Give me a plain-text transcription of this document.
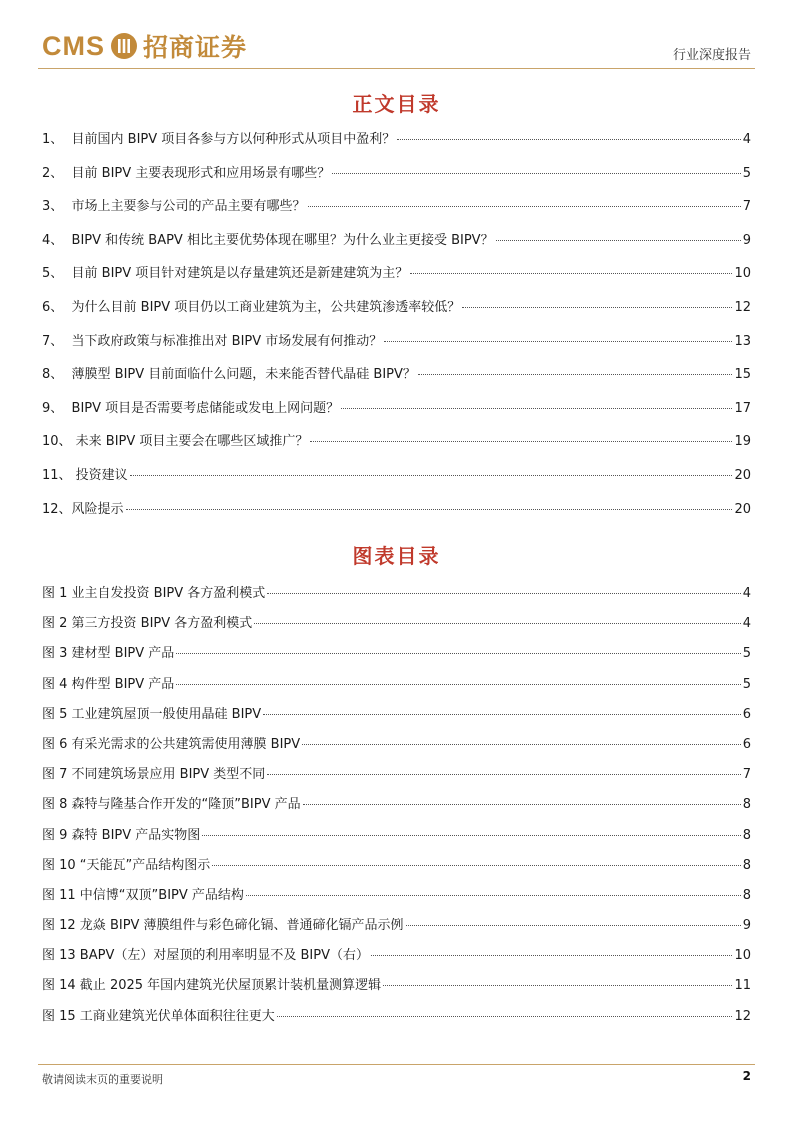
CMS 招商证券	行业深度报告
正文目录
1、  目前国内 BIPV 项目各参与方以何种形式从项目中盈利？	4
2、  目前 BIPV 主要表现形式和应用场景有哪些？	5
3、  市场上主要参与公司的产品主要有哪些？	7
4、  BIPV 和传统 BAPV 相比主要优势体现在哪里？为什么业主更接受 BIPV？	9
5、  目前 BIPV 项目针对建筑是以存量建筑还是新建建筑为主？	10
6、  为什么目前 BIPV 项目仍以工商业建筑为主，公共建筑渗透率较低？	12
7、  当下政府政策与标准推出对 BIPV 市场发展有何推动？	13
8、  薄膜型 BIPV 目前面临什么问题，未来能否替代晶硅 BIPV？	15
9、  BIPV 项目是否需要考虑储能或发电上网问题？	17
10、 未来 BIPV 项目主要会在哪些区域推广？	19
11、 投资建议	20
12、风险提示	20
图表目录
图 1 业主自发投资 BIPV 各方盈利模式	4
图 2 第三方投资 BIPV 各方盈利模式	4
图 3 建材型 BIPV 产品	5
图 4 构件型 BIPV 产品	5
图 5 工业建筑屋顶一般使用晶硅 BIPV	6
图 6 有采光需求的公共建筑需使用薄膜 BIPV	6
图 7 不同建筑场景应用 BIPV 类型不同	7
图 8 森特与隆基合作开发的“隆顶”BIPV 产品	8
图 9 森特 BIPV 产品实物图	8
图 10 “天能瓦”产品结构图示	8
图 11 中信博“双顶”BIPV 产品结构	8
图 12 龙焱 BIPV 薄膜组件与彩色碲化镉、普通碲化镉产品示例	9
图 13 BAPV（左）对屋顶的利用率明显不及 BIPV（右）	10
图 14 截止 2025 年国内建筑光伏屋顶累计装机量测算逻辑	11
图 15 工商业建筑光伏单体面积往往更大	12
敬请阅读末页的重要说明	2
